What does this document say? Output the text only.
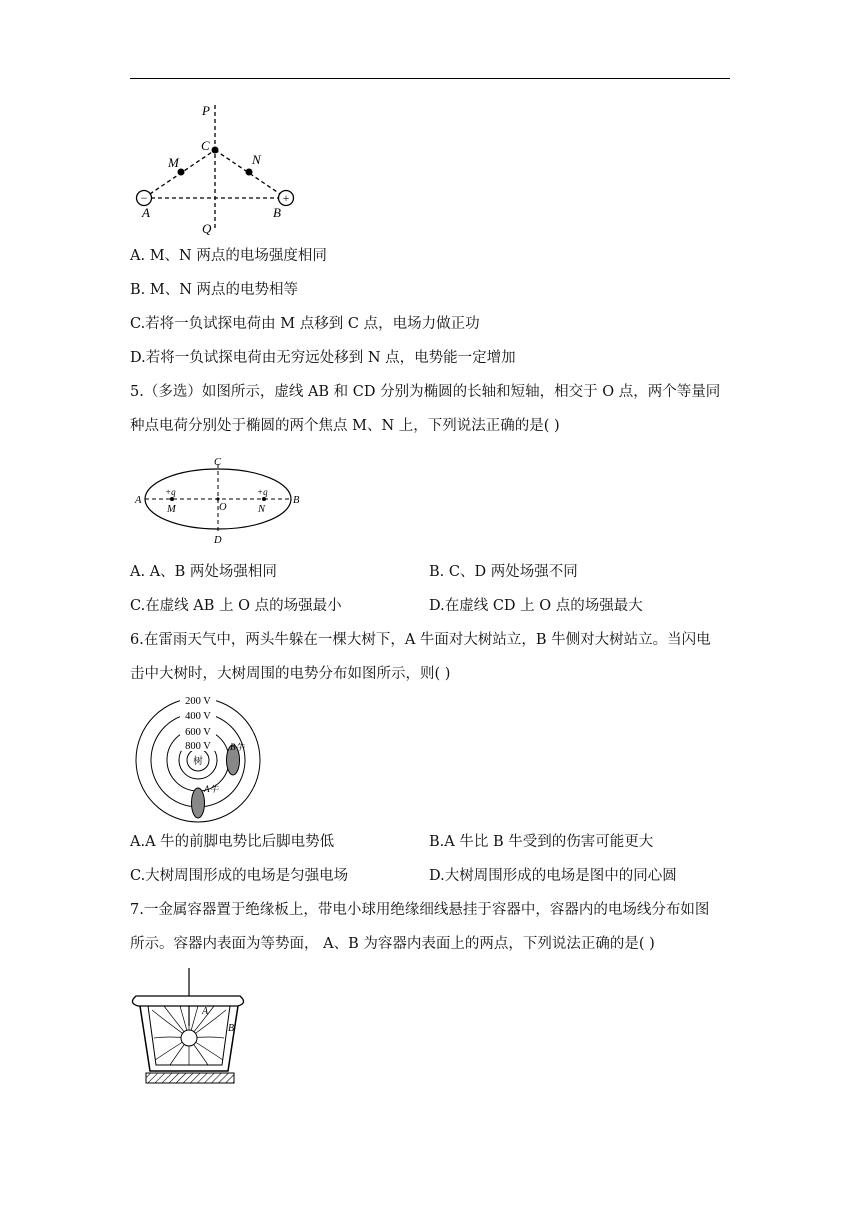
−	+
P
C
M	N
A	B
Q
A. M、N 两点的电场强度相同
B. M、N 两点的电势相等
C.若将一负试探电荷由 M 点移到 C 点，电场力做正功
D.若将一负试探电荷由无穷远处移到 N 点，电势能一定增加
5.（多选）如图所示，虚线 AB 和 CD 分别为椭圆的长轴和短轴，相交于 O 点，两个等量同
种点电荷分别处于椭圆的两个焦点 M、N 上，下列说法正确的是( )
A	B
C
D
O
M	N
+q	+q
A. A、B 两处场强相同	B. C、D 两处场强不同
C.在虚线 AB 上 O 点的场强最小	D.在虚线 CD 上 O 点的场强最大
6.在雷雨天气中，两头牛躲在一棵大树下，A 牛面对大树站立，B 牛侧对大树站立。当闪电
击中大树时，大树周围的电势分布如图所示，则( )
200 V
400 V
600 V
800 V
树
B牛
A牛
A.A 牛的前脚电势比后脚电势低	B.A 牛比 B 牛受到的伤害可能更大
C.大树周围形成的电场是匀强电场	D.大树周围形成的电场是图中的同心圆
7.一金属容器置于绝缘板上，带电小球用绝缘细线悬挂于容器中，容器内的电场线分布如图
所示。容器内表面为等势面， A、B 为容器内表面上的两点，下列说法正确的是( )
A
B
